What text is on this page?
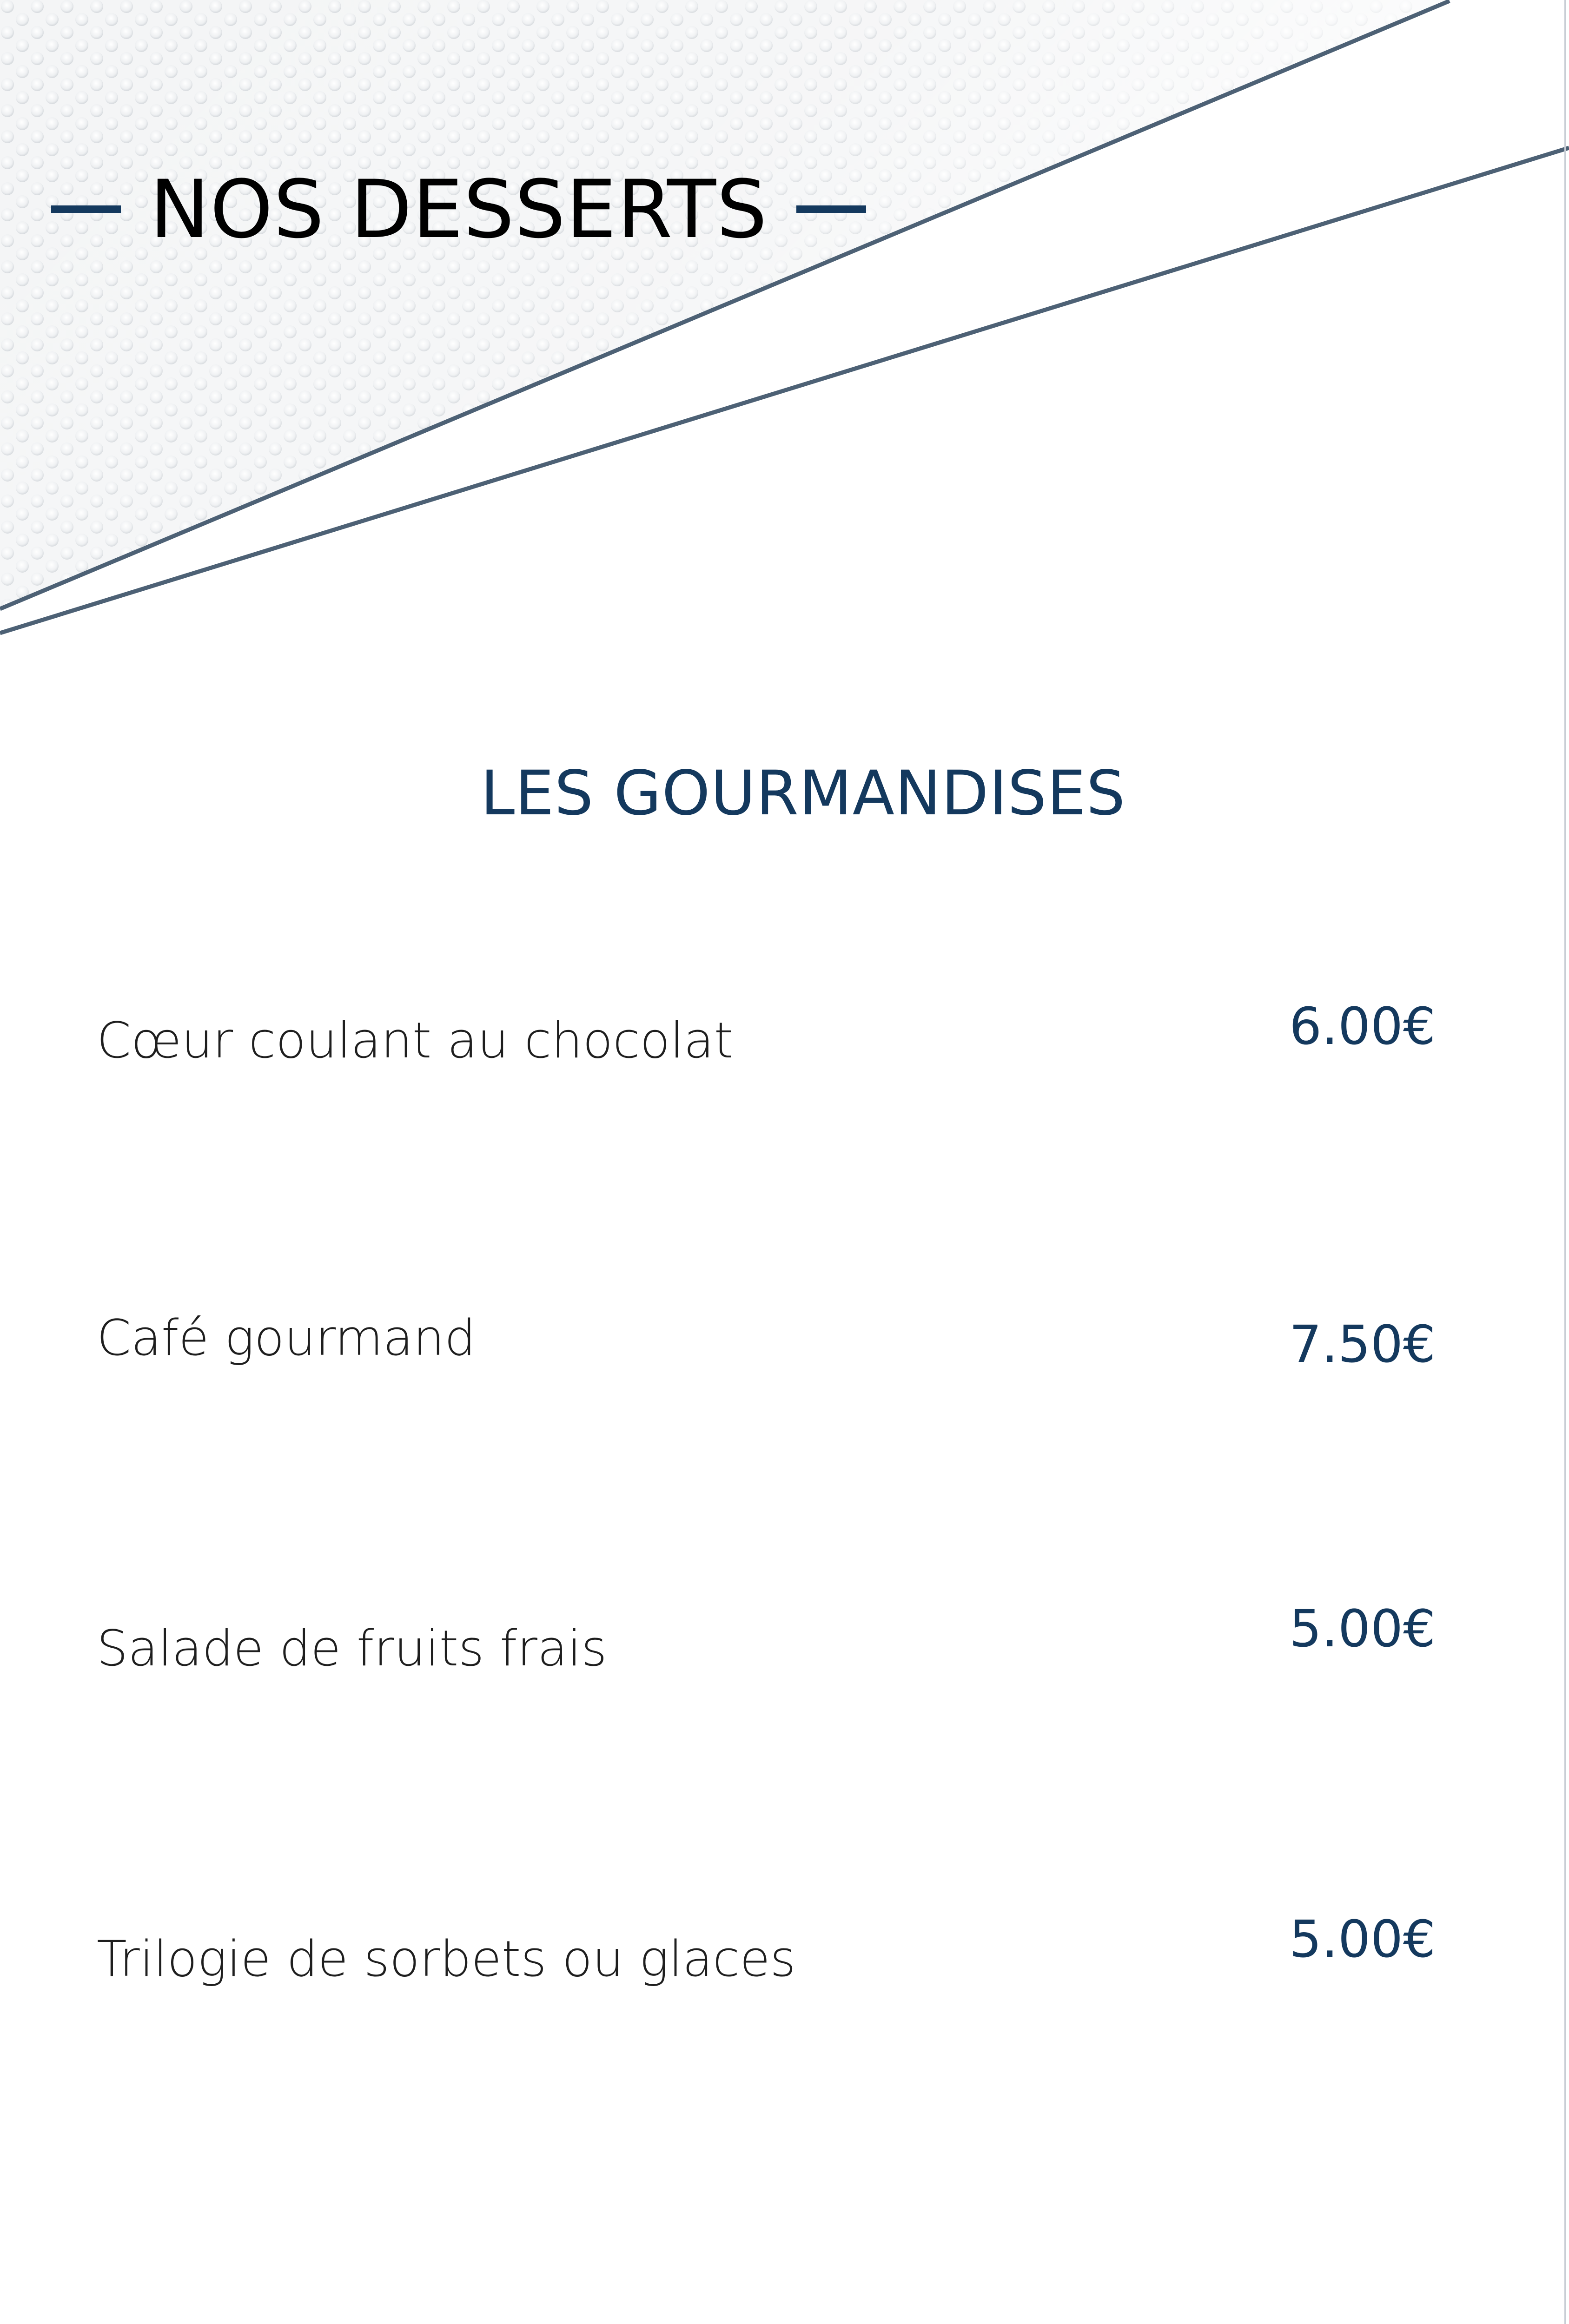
NOS DESSERTS
LES GOURMANDISES
Cœur coulant au chocolat	6.00€
Café gourmand	7.50€
Salade de fruits frais	5.00€
Trilogie de sorbets ou glaces	5.00€
